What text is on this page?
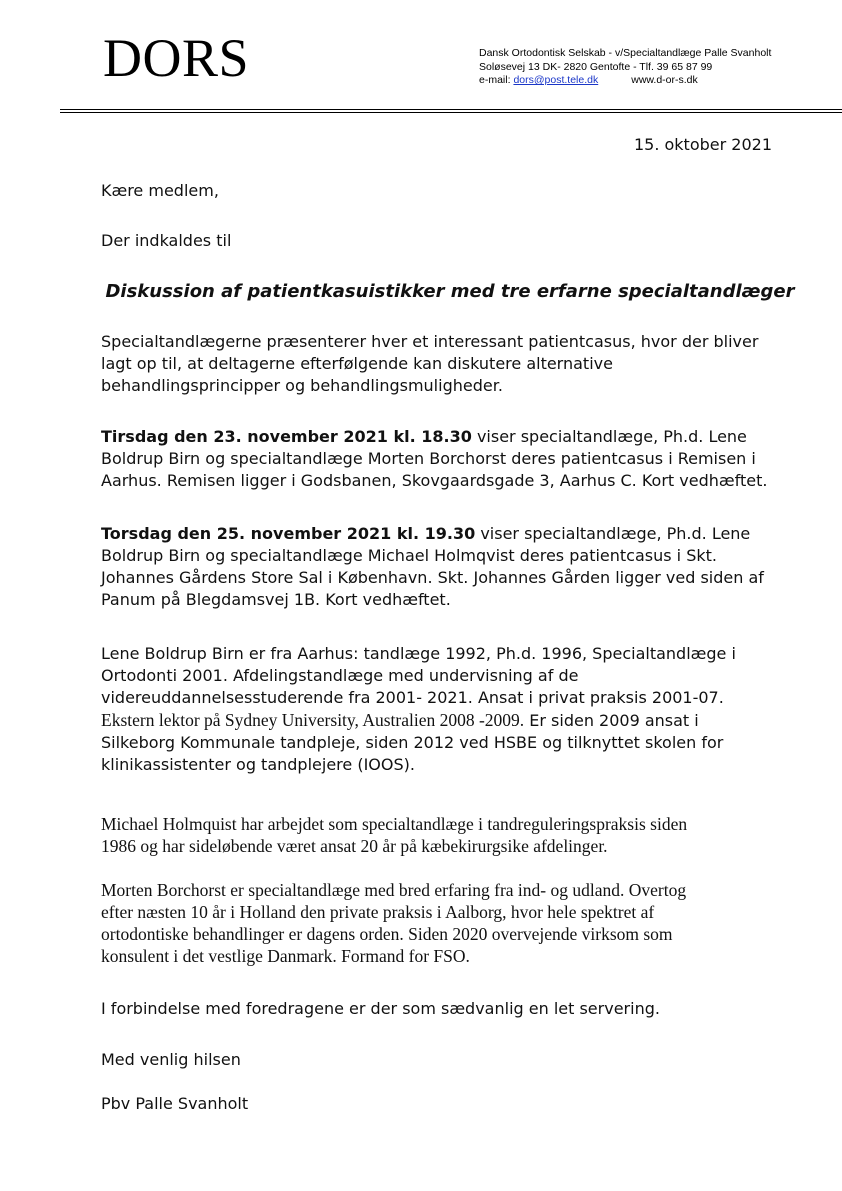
DORS	Dansk Ortodontisk Selskab - v/Specialtandlæge Palle Svanholt
Soløsevej 13 DK- 2820 Gentofte - Tlf. 39 65 87 99
e-mail: dors@post.tele.dk	www.d-or-s.dk
15. oktober 2021
Kære medlem,
Der indkaldes til
Diskussion af patientkasuistikker med tre erfarne specialtandlæger
Specialtandlægerne præsenterer hver et interessant patientcasus, hvor der bliver
lagt op til, at deltagerne efterfølgende kan diskutere alternative
behandlingsprincipper og behandlingsmuligheder.
Tirsdag den 23. november 2021 kl. 18.30 viser specialtandlæge, Ph.d. Lene
Boldrup Birn og specialtandlæge Morten Borchorst deres patientcasus i Remisen i
Aarhus. Remisen ligger i Godsbanen, Skovgaardsgade 3, Aarhus C. Kort vedhæftet.
Torsdag den 25. november 2021 kl. 19.30 viser specialtandlæge, Ph.d. Lene
Boldrup Birn og specialtandlæge Michael Holmqvist deres patientcasus i Skt.
Johannes Gårdens Store Sal i København. Skt. Johannes Gården ligger ved siden af
Panum på Blegdamsvej 1B. Kort vedhæftet.
Lene Boldrup Birn er fra Aarhus: tandlæge 1992, Ph.d. 1996, Specialtandlæge i
Ortodonti 2001. Afdelingstandlæge med undervisning af de
videreuddannelsesstuderende fra 2001- 2021. Ansat i privat praksis 2001-07.
Ekstern lektor på Sydney University, Australien 2008 -2009. Er siden 2009 ansat i
Silkeborg Kommunale tandpleje, siden 2012 ved HSBE og tilknyttet skolen for
klinikassistenter og tandplejere (IOOS).
Michael Holmquist har arbejdet som specialtandlæge i tandreguleringspraksis siden
1986 og har sideløbende været ansat 20 år på kæbekirurgsike afdelinger.
Morten Borchorst er specialtandlæge med bred erfaring fra ind- og udland. Overtog
efter næsten 10 år i Holland den private praksis i Aalborg, hvor hele spektret af
ortodontiske behandlinger er dagens orden. Siden 2020 overvejende virksom som
konsulent i det vestlige Danmark. Formand for FSO.
I forbindelse med foredragene er der som sædvanlig en let servering.
Med venlig hilsen
Pbv Palle Svanholt
